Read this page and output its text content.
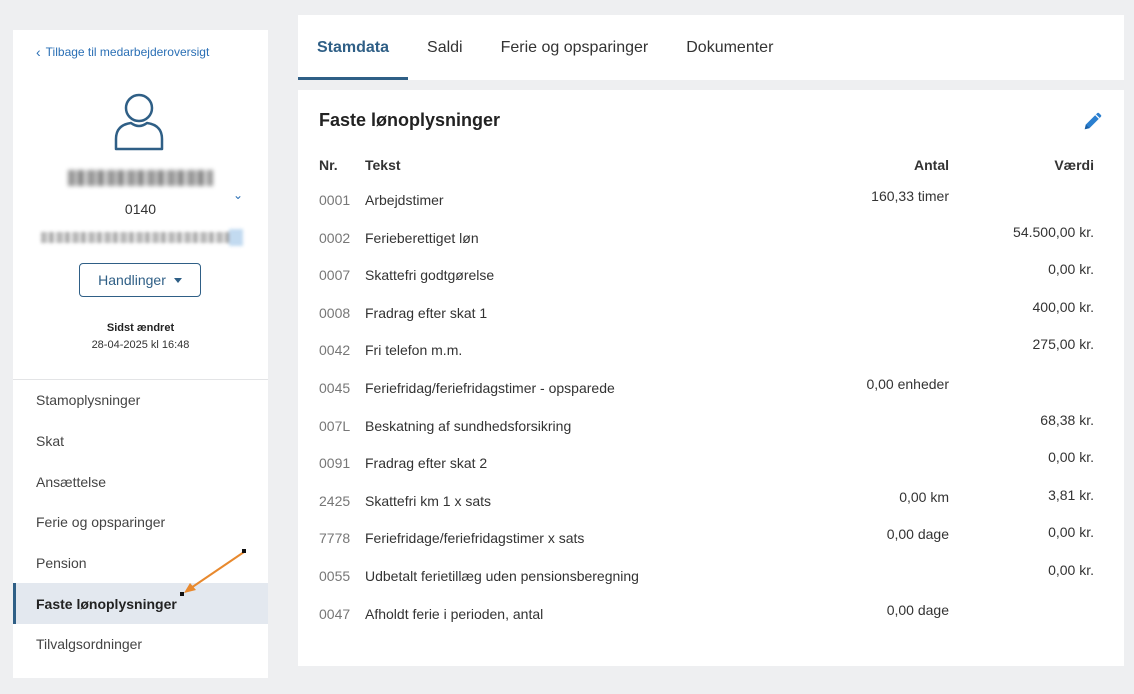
‹ Tilbage til medarbejderoversigt
⌄
0140
Handlinger
Sidst ændret
28-04-2025 kl 16:48
Stamoplysninger
Skat
Ansættelse
Ferie og opsparinger
Pension
Faste lønoplysninger
Tilvalgsordninger
Stamdata	Saldi	Ferie og opsparinger	Dokumenter
Faste lønoplysninger
Nr. Tekst	Antal	Værdi
0001 Arbejdstimer	160,33 timer
0002 Ferieberettiget løn	54.500,00 kr.
0007 Skattefri godtgørelse	0,00 kr.
0008 Fradrag efter skat 1	400,00 kr.
0042 Fri telefon m.m.	275,00 kr.
0045 Feriefridag/feriefridagstimer - opsparede	0,00 enheder
007L Beskatning af sundhedsforsikring	68,38 kr.
0091 Fradrag efter skat 2	0,00 kr.
2425 Skattefri km 1 x sats	0,00 km	3,81 kr.
7778 Feriefridage/feriefridagstimer x sats	0,00 dage	0,00 kr.
0055 Udbetalt ferietillæg uden pensionsberegning	0,00 kr.
0047 Afholdt ferie i perioden, antal	0,00 dage
